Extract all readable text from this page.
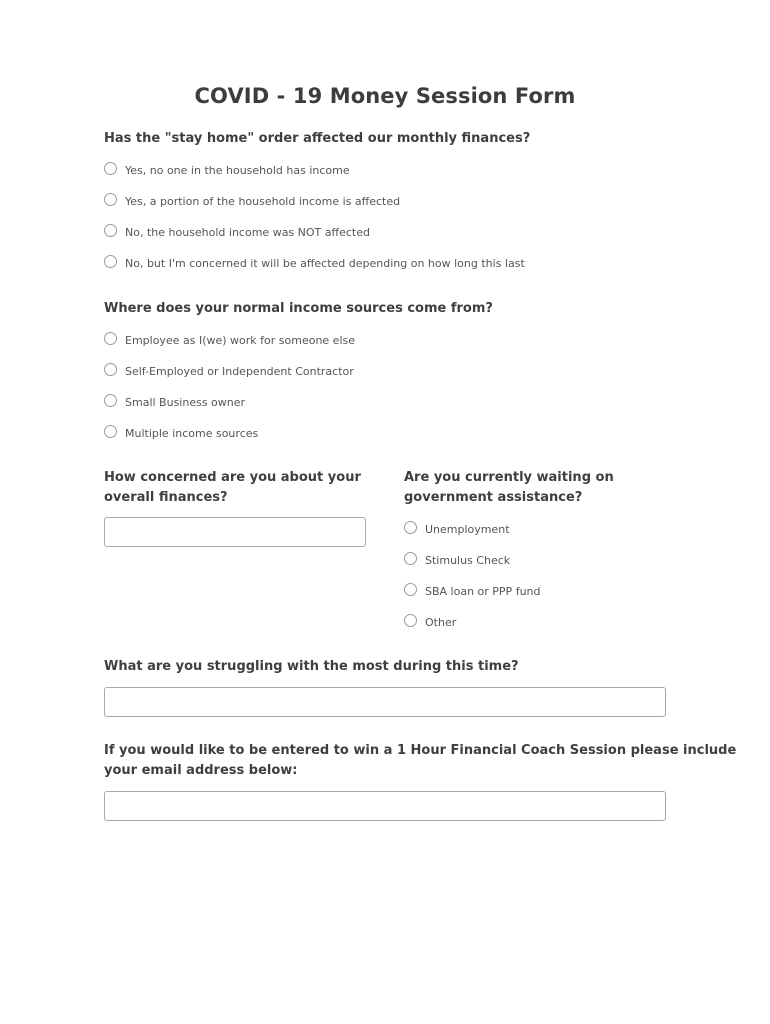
COVID - 19 Money Session Form
Has the "stay home" order affected our monthly finances?
Yes, no one in the household has income
Yes, a portion of the household income is affected
No, the household income was NOT affected
No, but I'm concerned it will be affected depending on how long this last
Where does your normal income sources come from?
Employee as I(we) work for someone else
Self-Employed or Independent Contractor
Small Business owner
Multiple income sources
How concerned are you about your
overall finances?
Are you currently waiting on
government assistance?
Unemployment
Stimulus Check
SBA loan or PPP fund
Other
What are you struggling with the most during this time?
If you would like to be entered to win a 1 Hour Financial Coach Session please include
your email address below:
